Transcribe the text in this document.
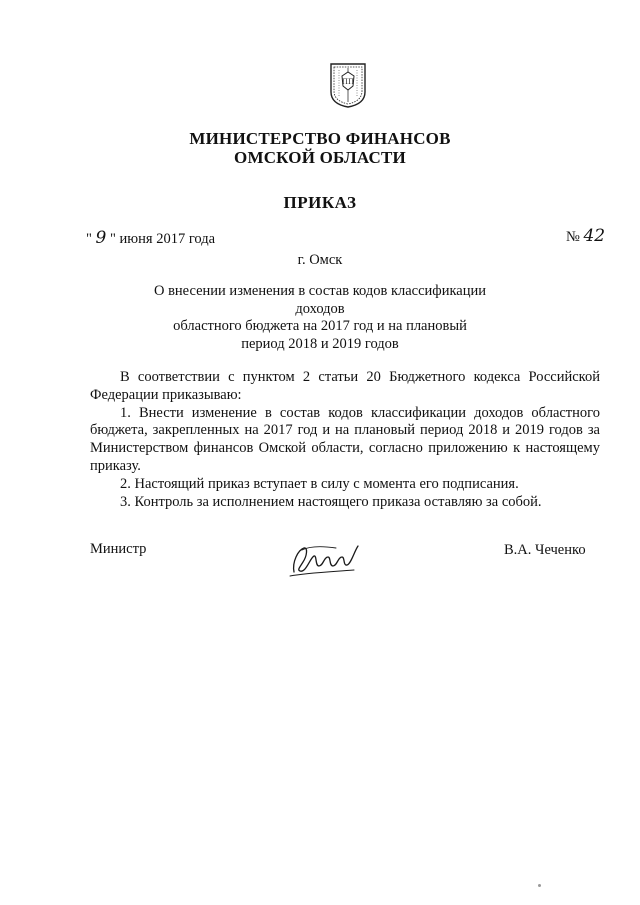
ПП
МИНИСТЕРСТВО ФИНАНСОВ
ОМСКОЙ ОБЛАСТИ
ПРИКАЗ
" 9 " июня 2017 года	№ 42
г. Омск
О внесении изменения в состав кодов классификации доходов
областного бюджета на 2017 год и на плановый
период 2018 и 2019 годов

В соответствии с пунктом 2 статьи 20 Бюджетного кодекса Российской Федерации приказываю:

1. Внести изменение в состав кодов классификации доходов областного бюджета, закрепленных на 2017 год и на плановый период 2018 и 2019 годов за Министерством финансов Омской области, согласно приложению к настоящему приказу.

2. Настоящий приказ вступает в силу с момента его подписания.

3. Контроль за исполнением настоящего приказа оставляю за собой.

Министр	В.А. Чеченко
